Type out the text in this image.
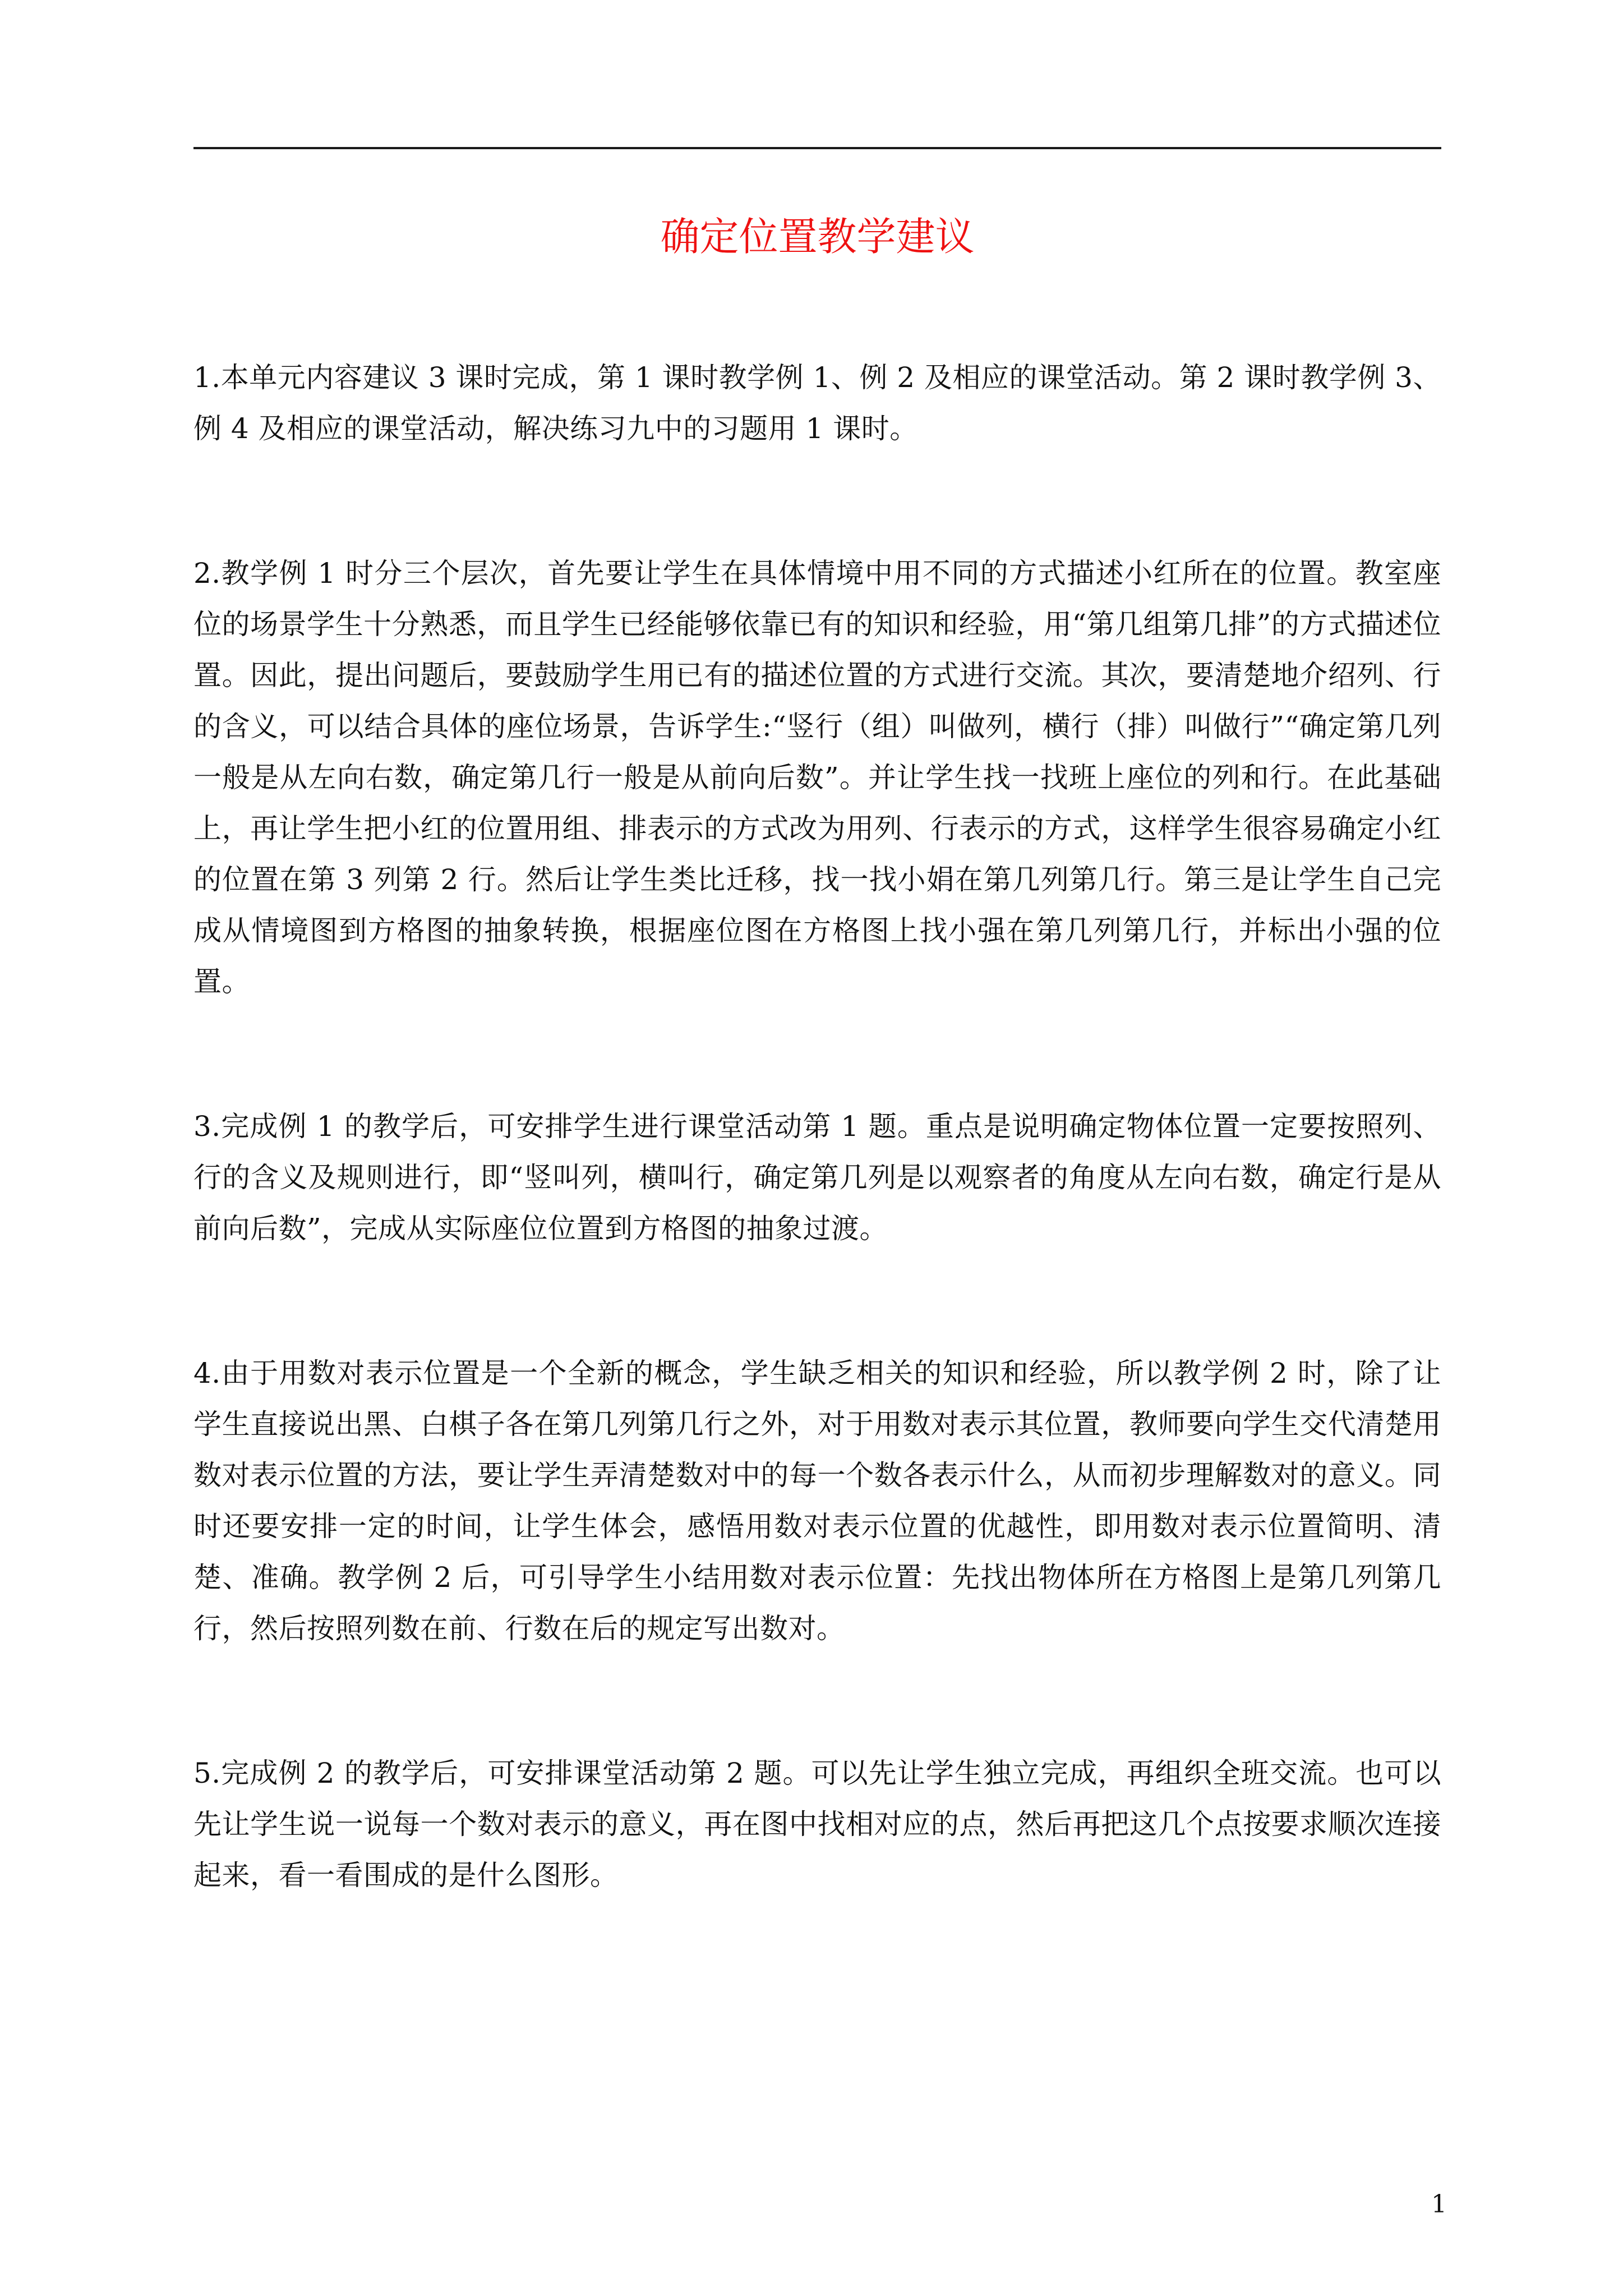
确定位置教学建议

1.本单元内容建议 3 课时完成，第 1 课时教学例 1、例 2 及相应的课堂活动。第 2 课时教学例 3、例 4 及相应的课堂活动，解决练习九中的习题用 1 课时。

2.教学例 1 时分三个层次，首先要让学生在具体情境中用不同的方式描述小红所在的位置。教室座位的场景学生十分熟悉，而且学生已经能够依靠已有的知识和经验，用“第几组第几排”的方式描述位置。因此，提出问题后，要鼓励学生用已有的描述位置的方式进行交流。其次，要清楚地介绍列、行的含义，可以结合具体的座位场景，告诉学生:“竖行（组）叫做列，横行（排）叫做行”“确定第几列一般是从左向右数，确定第几行一般是从前向后数”。并让学生找一找班上座位的列和行。在此基础上，再让学生把小红的位置用组、排表示的方式改为用列、行表示的方式，这样学生很容易确定小红的位置在第 3 列第 2 行。然后让学生类比迁移，找一找小娟在第几列第几行。第三是让学生自己完成从情境图到方格图的抽象转换，根据座位图在方格图上找小强在第几列第几行，并标出小强的位置。

3.完成例 1 的教学后，可安排学生进行课堂活动第 1 题。重点是说明确定物体位置一定要按照列、行的含义及规则进行，即“竖叫列，横叫行，确定第几列是以观察者的角度从左向右数，确定行是从前向后数”，完成从实际座位位置到方格图的抽象过渡。

4.由于用数对表示位置是一个全新的概念，学生缺乏相关的知识和经验，所以教学例 2 时，除了让学生直接说出黑、白棋子各在第几列第几行之外，对于用数对表示其位置，教师要向学生交代清楚用数对表示位置的方法，要让学生弄清楚数对中的每一个数各表示什么，从而初步理解数对的意义。同时还要安排一定的时间，让学生体会，感悟用数对表示位置的优越性，即用数对表示位置简明、清楚、准确。教学例 2 后，可引导学生小结用数对表示位置：先找出物体所在方格图上是第几列第几行，然后按照列数在前、行数在后的规定写出数对。

5.完成例 2 的教学后，可安排课堂活动第 2 题。可以先让学生独立完成，再组织全班交流。也可以先让学生说一说每一个数对表示的意义，再在图中找相对应的点，然后再把这几个点按要求顺次连接起来，看一看围成的是什么图形。

1
